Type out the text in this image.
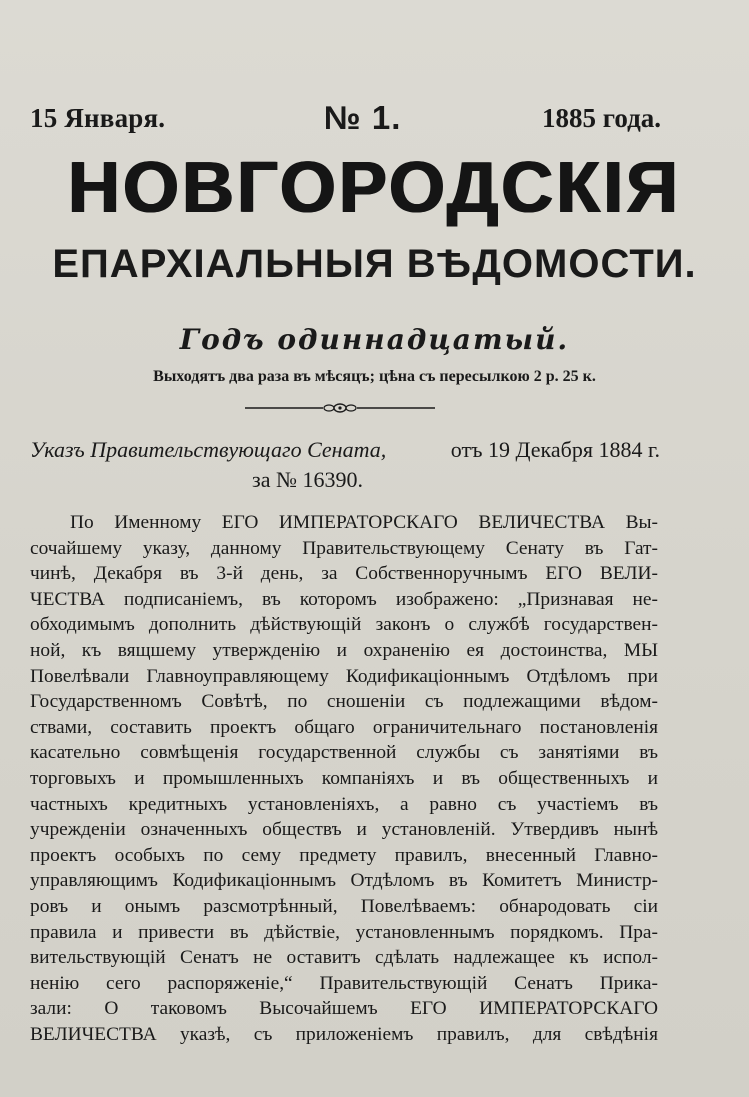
15 Января.	№ 1.	1885 года.
НОВГОРОДСКІЯ
ЕПАРХІАЛЬНЫЯ ВѢДОМОСТИ.
Годъ одиннадцатый.
Выходятъ два раза въ мѣсяцъ; цѣна съ пересылкою 2 р. 25 к.
Указъ Правительствующаго Сената,	отъ 19 Декабря 1884 г.
за № 16390.
По Именному ЕГО ИМПЕРАТОРСКАГО ВЕЛИЧЕСТВА Вы-
сочайшему указу, данному Правительствующему Сенату въ Гат-
чинѣ, Декабря въ 3-й день, за Собственноручнымъ ЕГО ВЕЛИ-
ЧЕСТВА подписаніемъ, въ которомъ изображено: „Признавая не-
обходимымъ дополнить дѣйствующій законъ о службѣ государствен-
ной, къ вящшему утвержденію и охраненію ея достоинства, МЫ
Повелѣвали Главноуправляющему Кодификаціоннымъ Отдѣломъ при
Государственномъ Совѣтѣ, по сношеніи съ подлежащими вѣдом-
ствами, составить проектъ общаго ограничительнаго постановленія
касательно совмѣщенія государственной службы съ занятіями въ
торговыхъ и промышленныхъ компаніяхъ и въ общественныхъ и
частныхъ кредитныхъ установленіяхъ, а равно съ участіемъ въ
учрежденіи означенныхъ обществъ и установленій. Утвердивъ нынѣ
проектъ особыхъ по сему предмету правилъ, внесенный Главно-
управляющимъ Кодификаціоннымъ Отдѣломъ въ Комитетъ Министр-
ровъ и онымъ разсмотрѣнный, Повелѣваемъ: обнародовать сіи
правила и привести въ дѣйствіе, установленнымъ порядкомъ. Пра-
вительствующій Сенатъ не оставитъ сдѣлать надлежащее къ испол-
ненію сего распоряженіе,“ Правительствующій Сенатъ Прика-
зали: О таковомъ Высочайшемъ ЕГО ИМПЕРАТОРСКАГО
ВЕЛИЧЕСТВА указѣ, съ приложеніемъ правилъ, для свѣдѣнія
